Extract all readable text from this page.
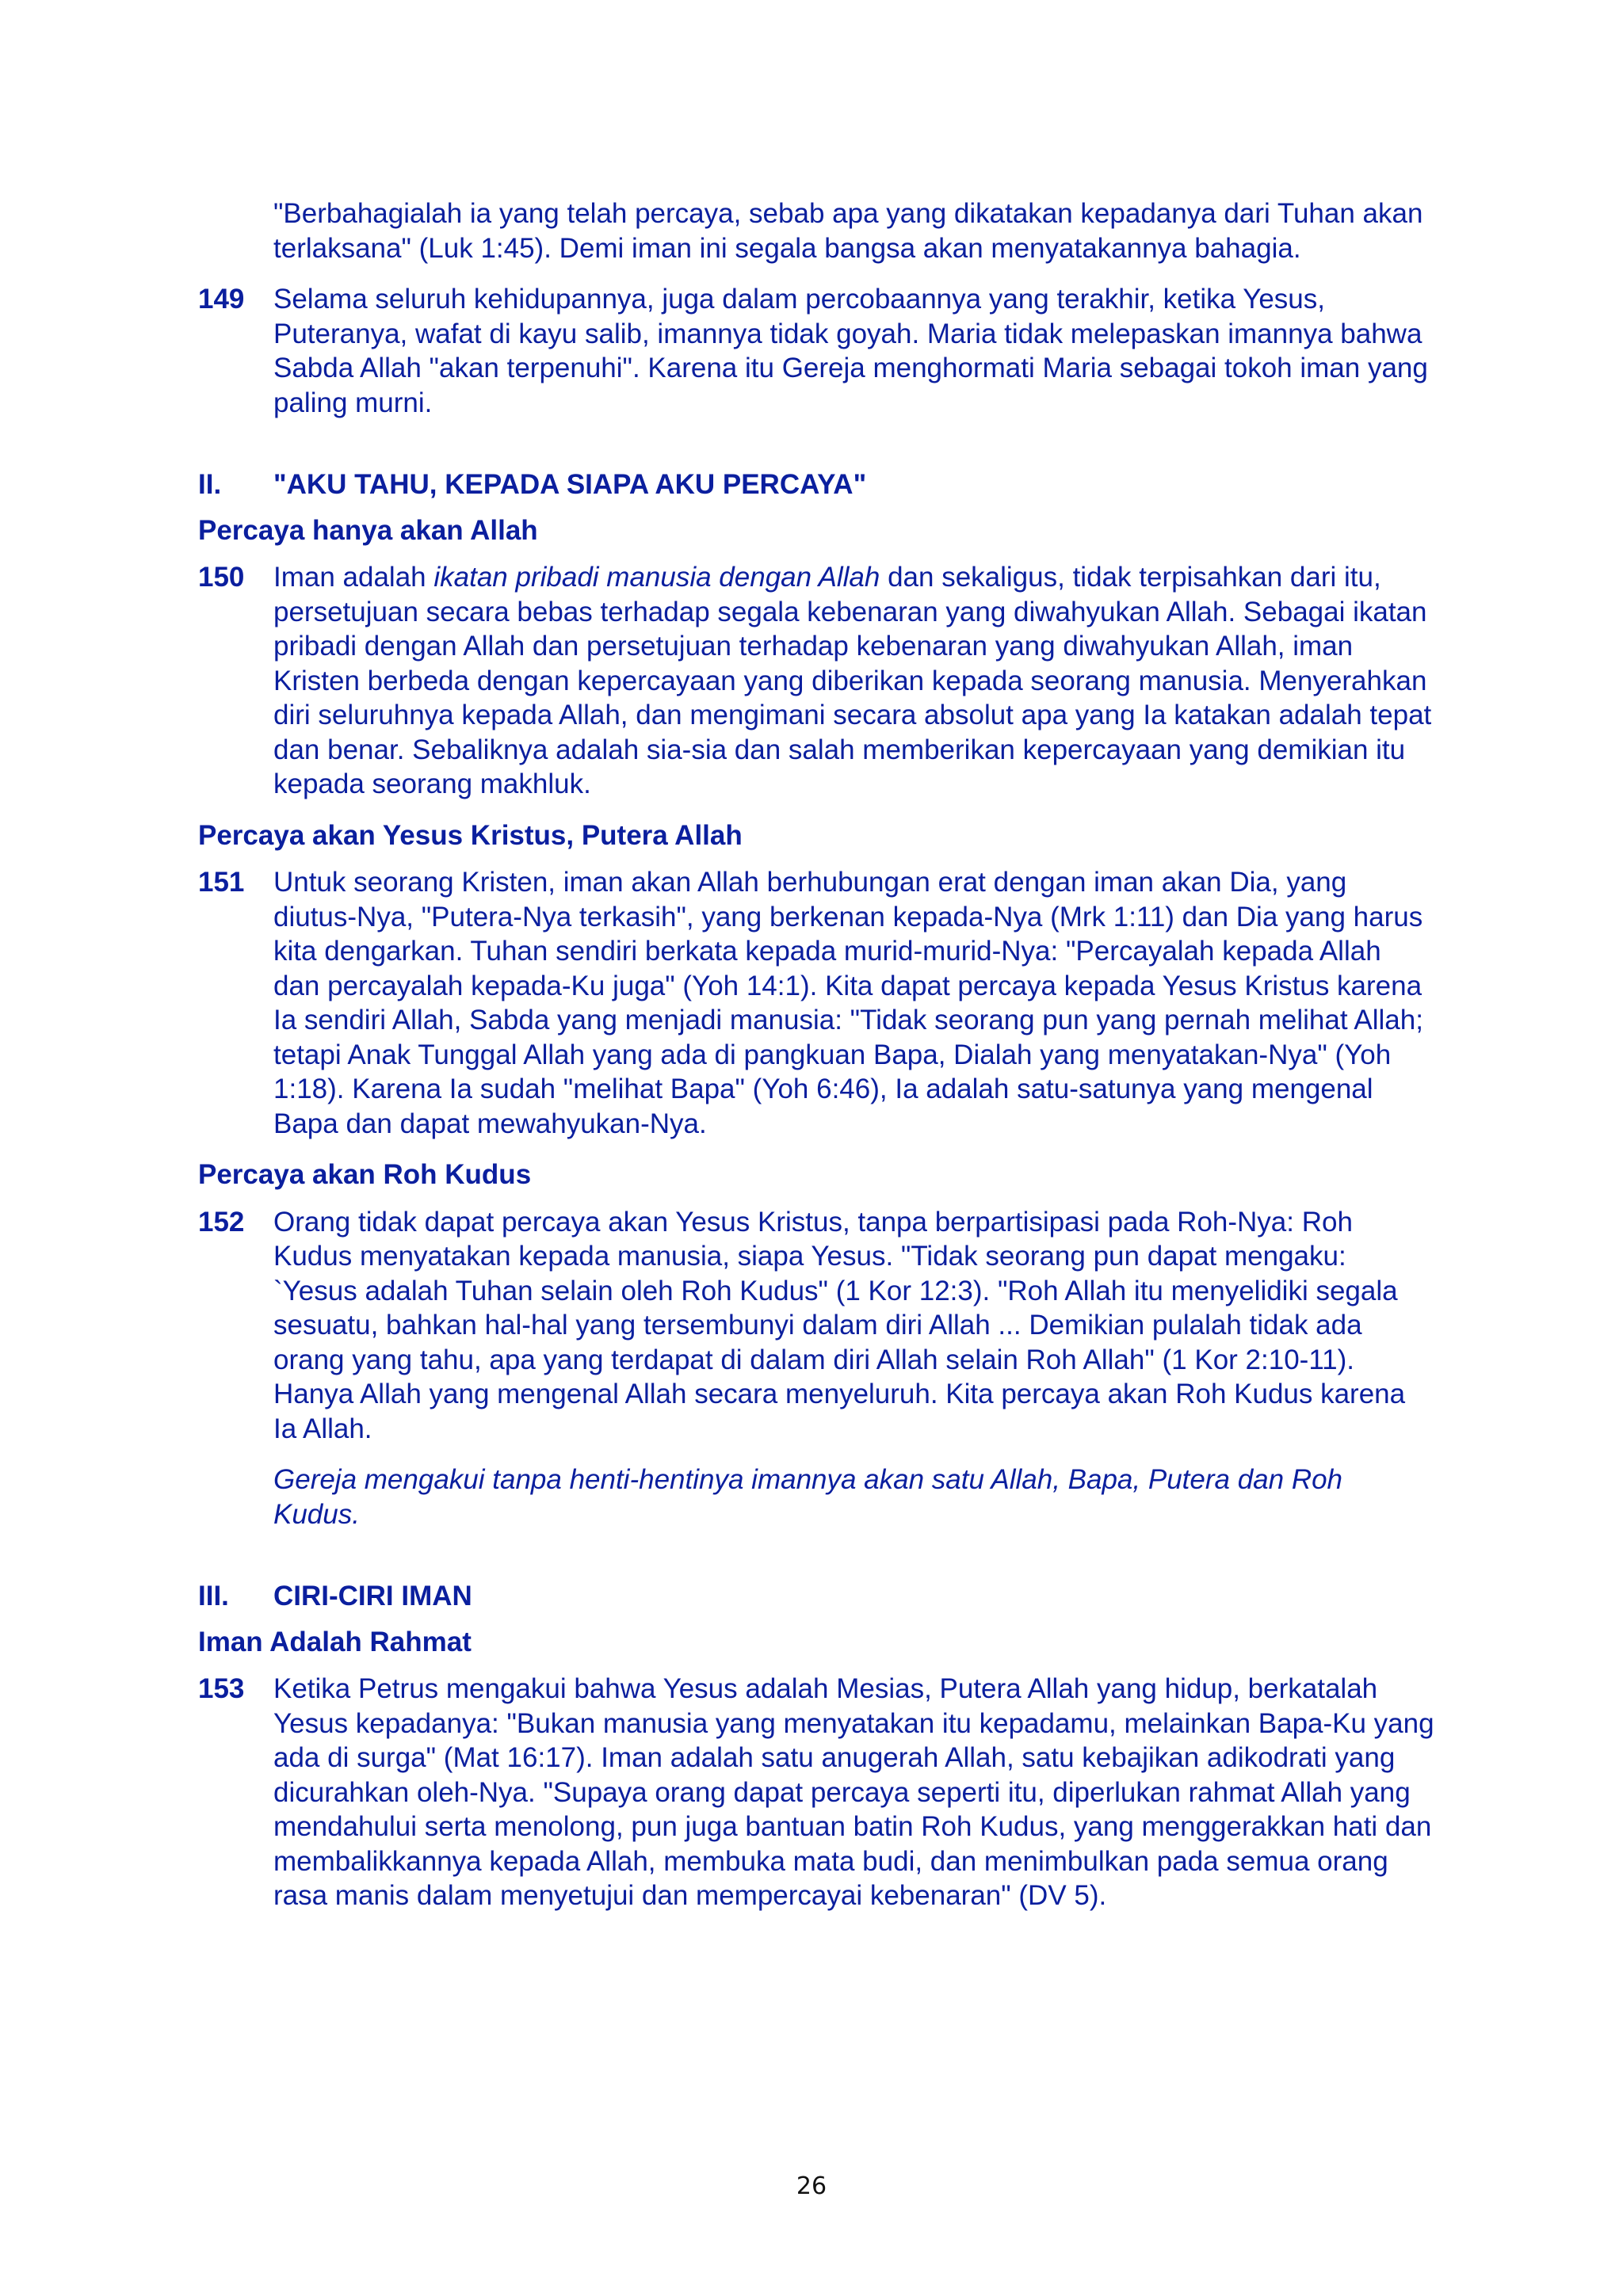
"Berbahagialah ia yang telah percaya, sebab apa yang dikatakan kepadanya dari Tuhan akan terlaksana" (Luk 1:45). Demi iman ini segala bangsa akan menyatakannya bahagia.
149 Selama seluruh kehidupannya, juga dalam percobaannya yang terakhir, ketika Yesus, Puteranya, wafat di kayu salib, imannya tidak goyah. Maria tidak melepaskan imannya bahwa Sabda Allah "akan terpenuhi". Karena itu Gereja menghormati Maria sebagai tokoh iman yang paling murni.
II. "AKU TAHU, KEPADA SIAPA AKU PERCAYA"
Percaya hanya akan Allah
150 Iman adalah ikatan pribadi manusia dengan Allah dan sekaligus, tidak terpisahkan dari itu, persetujuan secara bebas terhadap segala kebenaran yang diwahyukan Allah. Sebagai ikatan pribadi dengan Allah dan persetujuan terhadap kebenaran yang diwahyukan Allah, iman Kristen berbeda dengan kepercayaan yang diberikan kepada seorang manusia. Menyerahkan diri seluruhnya kepada Allah, dan mengimani secara absolut apa yang Ia katakan adalah tepat dan benar. Sebaliknya adalah sia-sia dan salah memberikan kepercayaan yang demikian itu kepada seorang makhluk.
Percaya akan Yesus Kristus, Putera Allah
151 Untuk seorang Kristen, iman akan Allah berhubungan erat dengan iman akan Dia, yang diutus-Nya, "Putera-Nya terkasih", yang berkenan kepada-Nya (Mrk 1:11) dan Dia yang harus kita dengarkan. Tuhan sendiri berkata kepada murid-murid-Nya: "Percayalah kepada Allah dan percayalah kepada-Ku juga" (Yoh 14:1). Kita dapat percaya kepada Yesus Kristus karena Ia sendiri Allah, Sabda yang menjadi manusia: "Tidak seorang pun yang pernah melihat Allah; tetapi Anak Tunggal Allah yang ada di pangkuan Bapa, Dialah yang menyatakan-Nya" (Yoh 1:18). Karena Ia sudah "melihat Bapa" (Yoh 6:46), Ia adalah satu-satunya yang mengenal Bapa dan dapat mewahyukan-Nya.
Percaya akan Roh Kudus
152 Orang tidak dapat percaya akan Yesus Kristus, tanpa berpartisipasi pada Roh-Nya: Roh Kudus menyatakan kepada manusia, siapa Yesus. "Tidak seorang pun dapat mengaku: `Yesus adalah Tuhan selain oleh Roh Kudus" (1 Kor 12:3). "Roh Allah itu menyelidiki segala sesuatu, bahkan hal-hal yang tersembunyi dalam diri Allah ... Demikian pulalah tidak ada orang yang tahu, apa yang terdapat di dalam diri Allah selain Roh Allah" (1 Kor 2:10-11). Hanya Allah yang mengenal Allah secara menyeluruh. Kita percaya akan Roh Kudus karena Ia Allah.
Gereja mengakui tanpa henti-hentinya imannya akan satu Allah, Bapa, Putera dan Roh Kudus.
III. CIRI-CIRI IMAN
Iman Adalah Rahmat
153 Ketika Petrus mengakui bahwa Yesus adalah Mesias, Putera Allah yang hidup, berkatalah Yesus kepadanya: "Bukan manusia yang menyatakan itu kepadamu, melainkan Bapa-Ku yang ada di surga" (Mat 16:17). Iman adalah satu anugerah Allah, satu kebajikan adikodrati yang dicurahkan oleh-Nya. "Supaya orang dapat percaya seperti itu, diperlukan rahmat Allah yang mendahului serta menolong, pun juga bantuan batin Roh Kudus, yang menggerakkan hati dan membalikkannya kepada Allah, membuka mata budi, dan menimbulkan pada semua orang rasa manis dalam menyetujui dan mempercayai kebenaran" (DV 5).
26
